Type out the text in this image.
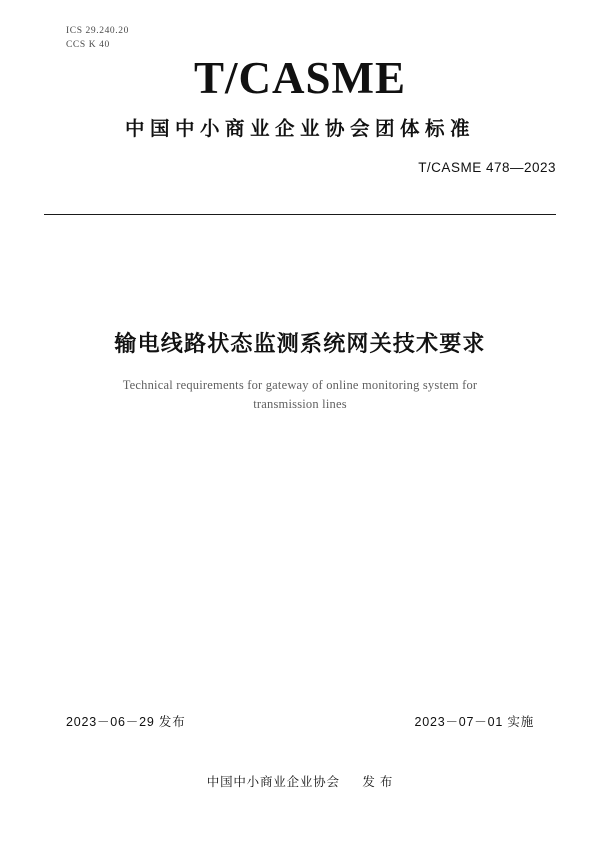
ICS 29.240.20
CCS K 40
T/CASME
中国中小商业企业协会团体标准
T/CASME 478—2023
输电线路状态监测系统网关技术要求
Technical requirements for gateway of online monitoring system for
transmission lines
2023－06－29 发布	2023－07－01 实施
中国中小商业企业协会 发 布
